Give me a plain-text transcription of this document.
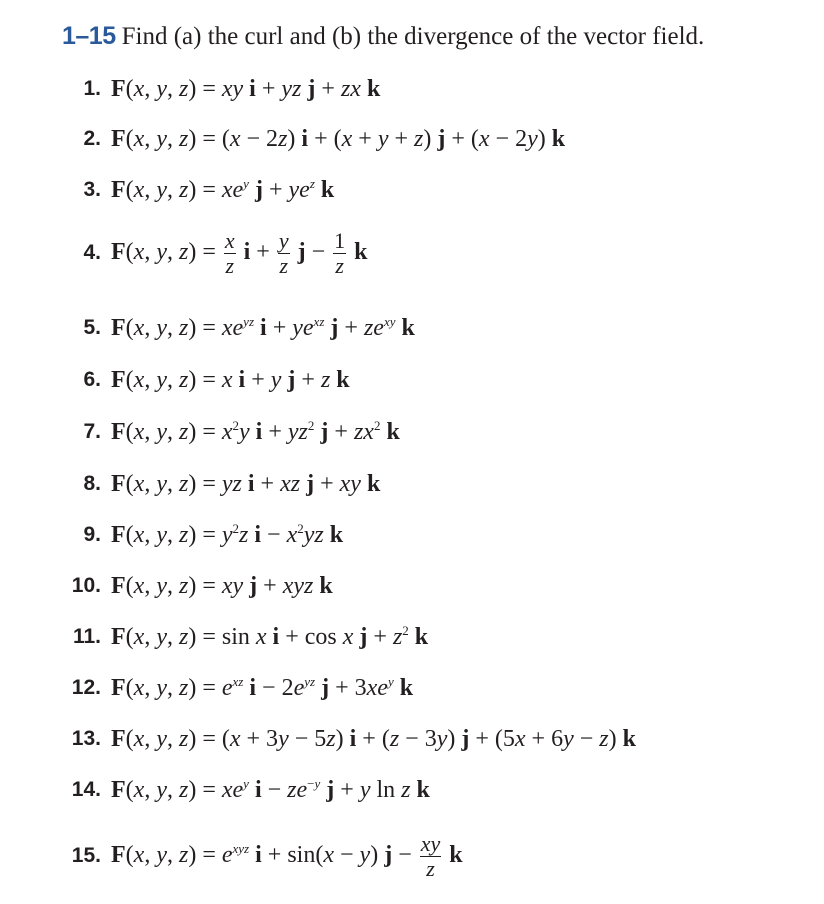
1–15 Find (a) the curl and (b) the divergence of the vector field.
1. F(x, y, z) = xy i + yz j + zx k
2. F(x, y, z) = (x − 2z) i + (x + y + z) j + (x − 2y) k
3. F(x, y, $z) = xe^y$ $j + ye^z$ k
4. F(x, y, $z) = \frac{x}{z}$ $i + \frac{y}{z}$ $j - \frac{1}{z}$ k
5. F(x, y, $z) = xe^{yz}$ $i + ye^{xz}$ $j + ze^{xy}$ k
6. F(x, y, z) = x i + y j + z k
7. F(x, y, $z) = x^2y$ $i + yz^2$ $j + zx^2$ k
8. F(x, y, z) = yz i + xz j + xy k
9. F(x, y, $z) = y^2z$ $i - x^2yz$ k
10. F(x, y, z) = xy j + xyz k
11. F(x, y, z) = sin x i + cos x $j + z^2$ k
12. F(x, y, $z) = e^{xz}$ $i - 2e^{yz}$ $j + 3xe^y$ k
13. F(x, y, z) = (x + 3y − 5z) i + (z − 3y) j + (5x + 6y − z) k
14. F(x, y, $z) = xe^y$ $i - ze^{-y}$ j + y ln z k
15. F(x, y, $z) = e^{xyz}$ i + sin(x − y) $j - \frac{xy}{z}$ k
